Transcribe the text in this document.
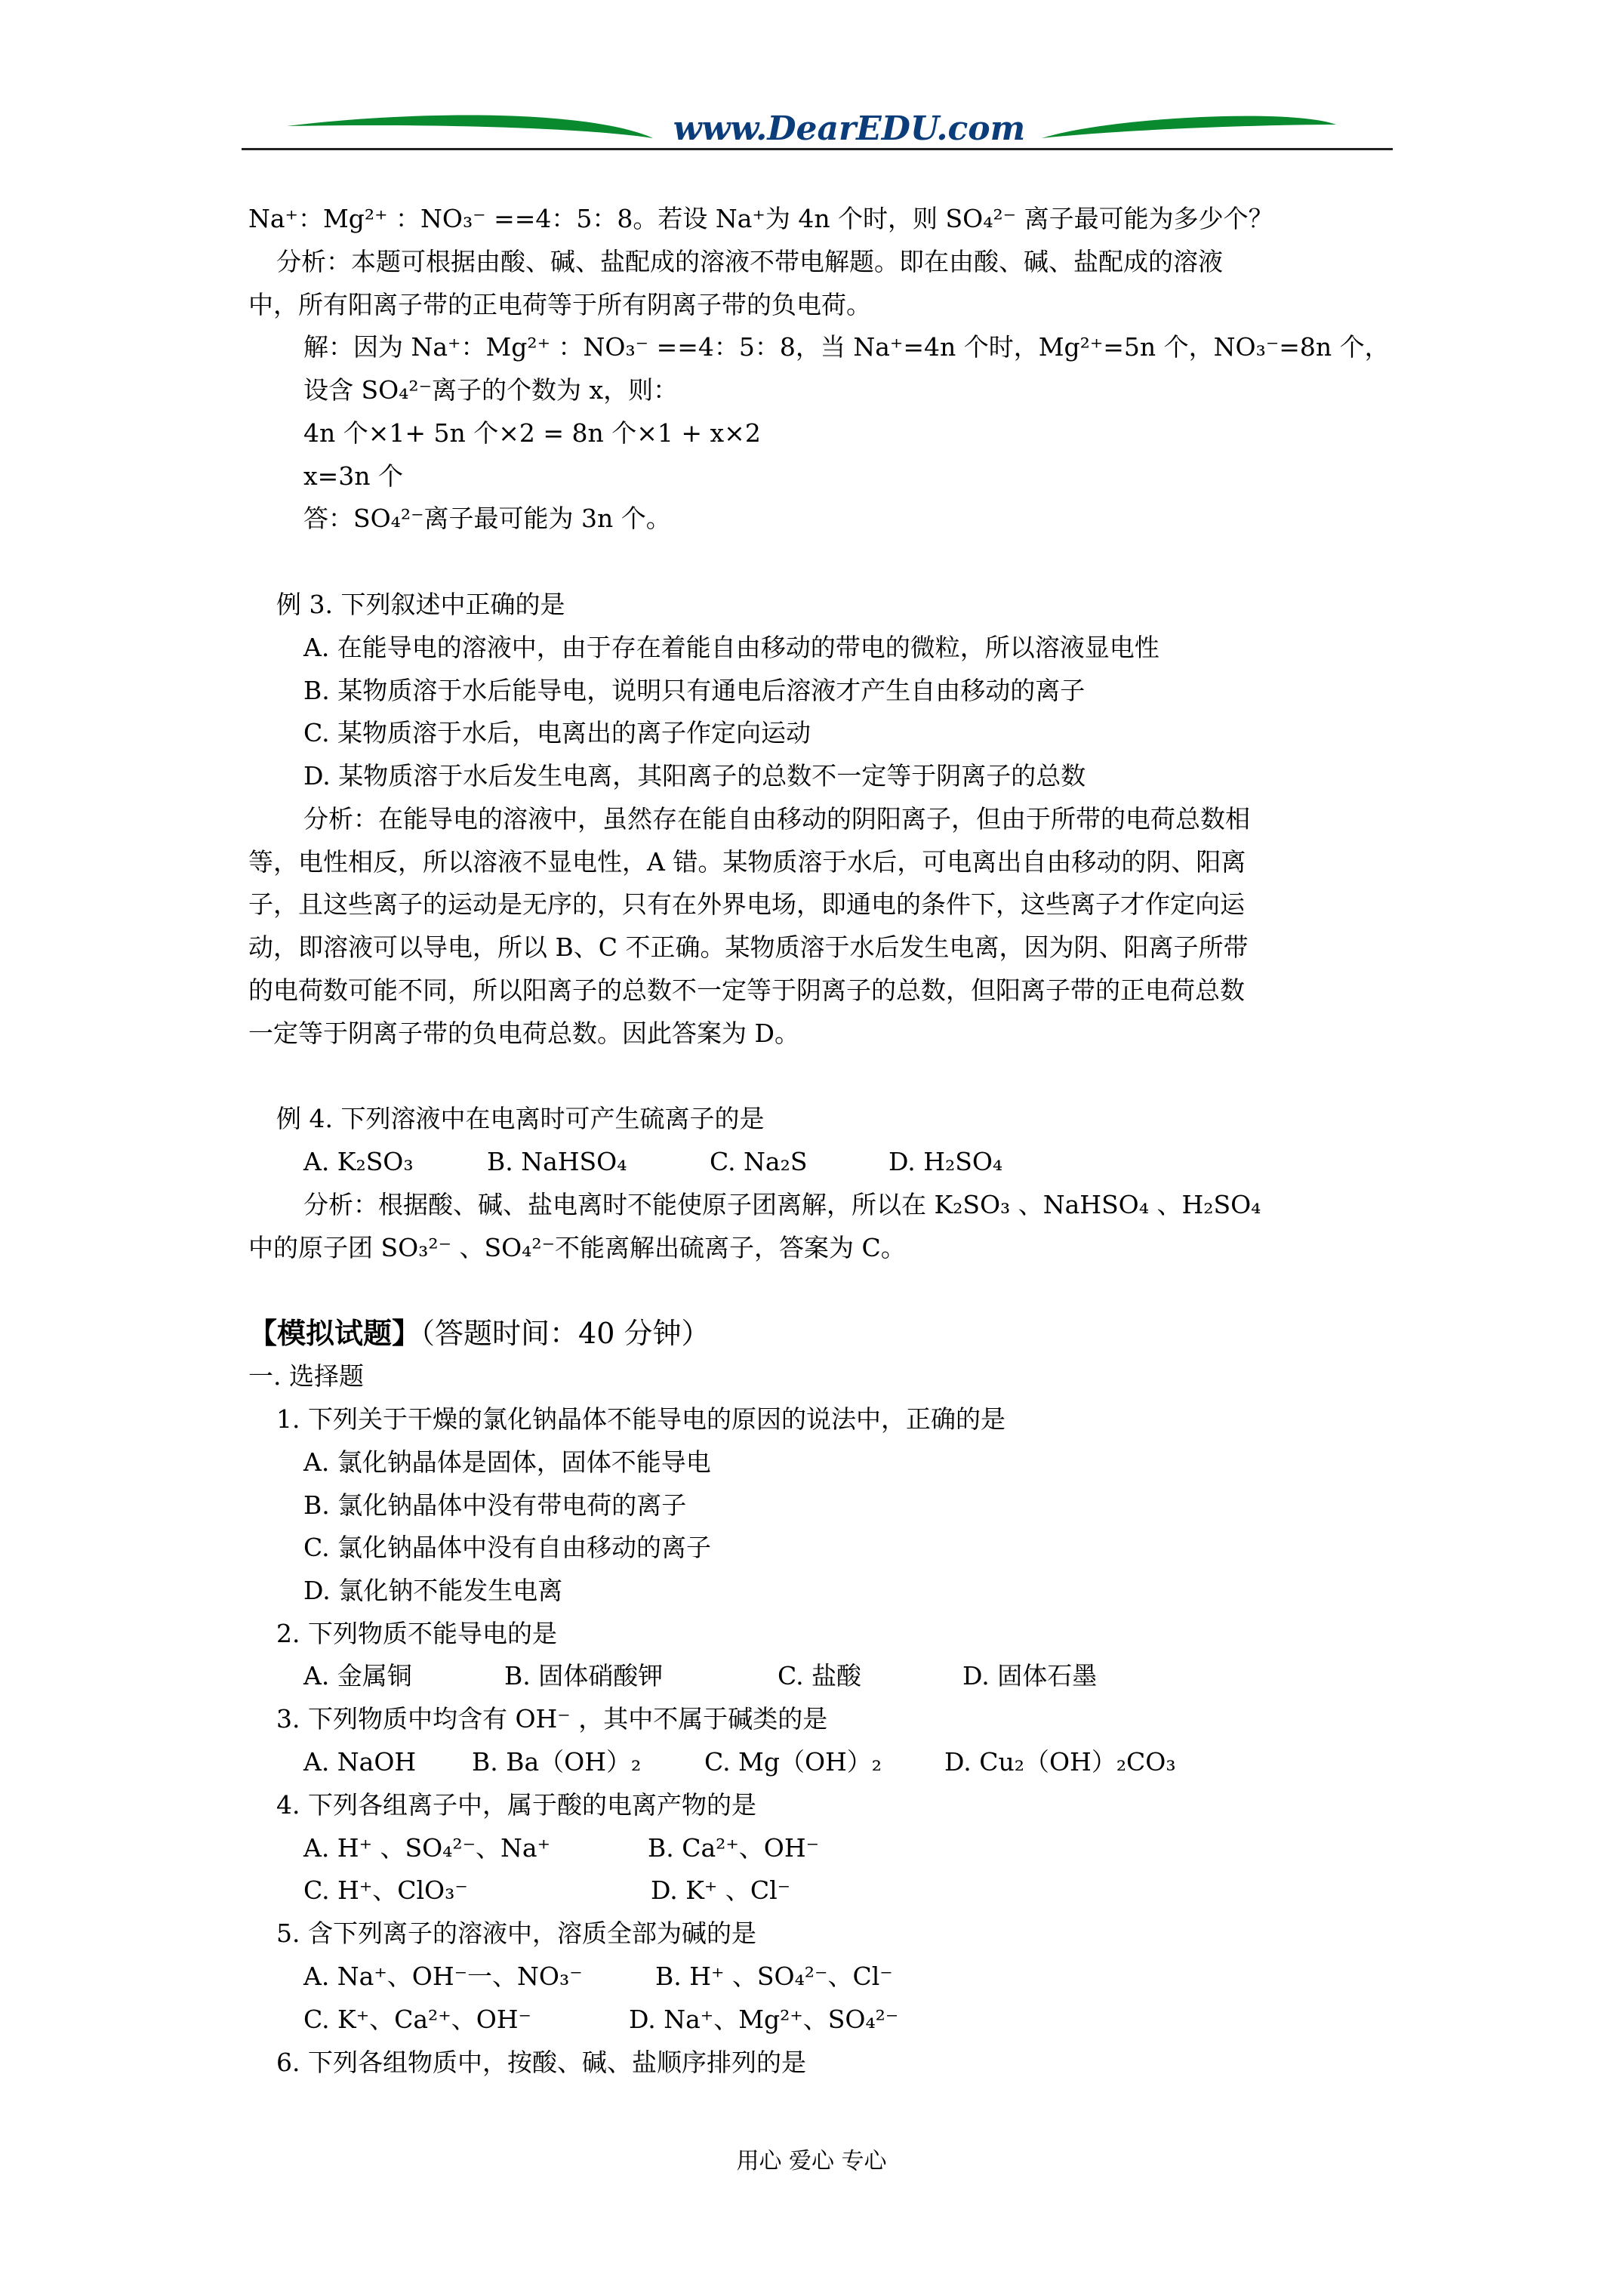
www.DearEDU.com
Na⁺：Mg²⁺ ：NO₃⁻ ==4：5：8。若设 Na⁺为 4n 个时，则 SO₄²⁻ 离子最可能为多少个？
分析：本题可根据由酸、碱、盐配成的溶液不带电解题。即在由酸、碱、盐配成的溶液
中，所有阳离子带的正电荷等于所有阴离子带的负电荷。
解：因为 Na⁺：Mg²⁺ ：NO₃⁻ ==4：5：8，当 Na⁺=4n 个时，Mg²⁺=5n 个，NO₃⁻=8n 个，
设含 SO₄²⁻离子的个数为 x，则：
4n 个×1+ 5n 个×2 = 8n 个×1 + x×2
x=3n 个
答：SO₄²⁻离子最可能为 3n 个。
例 3. 下列叙述中正确的是
A. 在能导电的溶液中，由于存在着能自由移动的带电的微粒，所以溶液显电性
B. 某物质溶于水后能导电，说明只有通电后溶液才产生自由移动的离子
C. 某物质溶于水后，电离出的离子作定向运动
D. 某物质溶于水后发生电离，其阳离子的总数不一定等于阴离子的总数
分析：在能导电的溶液中，虽然存在能自由移动的阴阳离子，但由于所带的电荷总数相
等，电性相反，所以溶液不显电性，A 错。某物质溶于水后，可电离出自由移动的阴、阳离
子，且这些离子的运动是无序的，只有在外界电场，即通电的条件下，这些离子才作定向运
动，即溶液可以导电，所以 B、C 不正确。某物质溶于水后发生电离，因为阴、阳离子所带
的电荷数可能不同，所以阳离子的总数不一定等于阴离子的总数，但阳离子带的正电荷总数
一定等于阴离子带的负电荷总数。因此答案为 D。
例 4. 下列溶液中在电离时可产生硫离子的是
A. K₂SO₃	B. NaHSO₄	C. Na₂S	D. H₂SO₄
分析：根据酸、碱、盐电离时不能使原子团离解，所以在 K₂SO₃ 、NaHSO₄ 、H₂SO₄
中的原子团 SO₃²⁻ 、SO₄²⁻不能离解出硫离子，答案为 C。
【模拟试题】（答题时间：40 分钟）
一. 选择题
1. 下列关于干燥的氯化钠晶体不能导电的原因的说法中，正确的是
A. 氯化钠晶体是固体，固体不能导电
B. 氯化钠晶体中没有带电荷的离子
C. 氯化钠晶体中没有自由移动的离子
D. 氯化钠不能发生电离
2. 下列物质不能导电的是
A. 金属铜	B. 固体硝酸钾	C. 盐酸	D. 固体石墨
3. 下列物质中均含有 OH⁻ ，其中不属于碱类的是
A. NaOH B. Ba（OH）₂	C. Mg（OH）₂	D. Cu₂（OH）₂CO₃
4. 下列各组离子中，属于酸的电离产物的是
A. H⁺ 、SO₄²⁻、Na⁺	B. Ca²⁺、OH⁻
C. H⁺、ClO₃⁻	D. K⁺ 、Cl⁻
5. 含下列离子的溶液中，溶质全部为碱的是
A. Na⁺、OH⁻一、NO₃⁻	B. H⁺ 、SO₄²⁻、Cl⁻
C. K⁺、Ca²⁺、OH⁻	D. Na⁺、Mg²⁺、SO₄²⁻
6. 下列各组物质中，按酸、碱、盐顺序排列的是
用心 爱心 专心
